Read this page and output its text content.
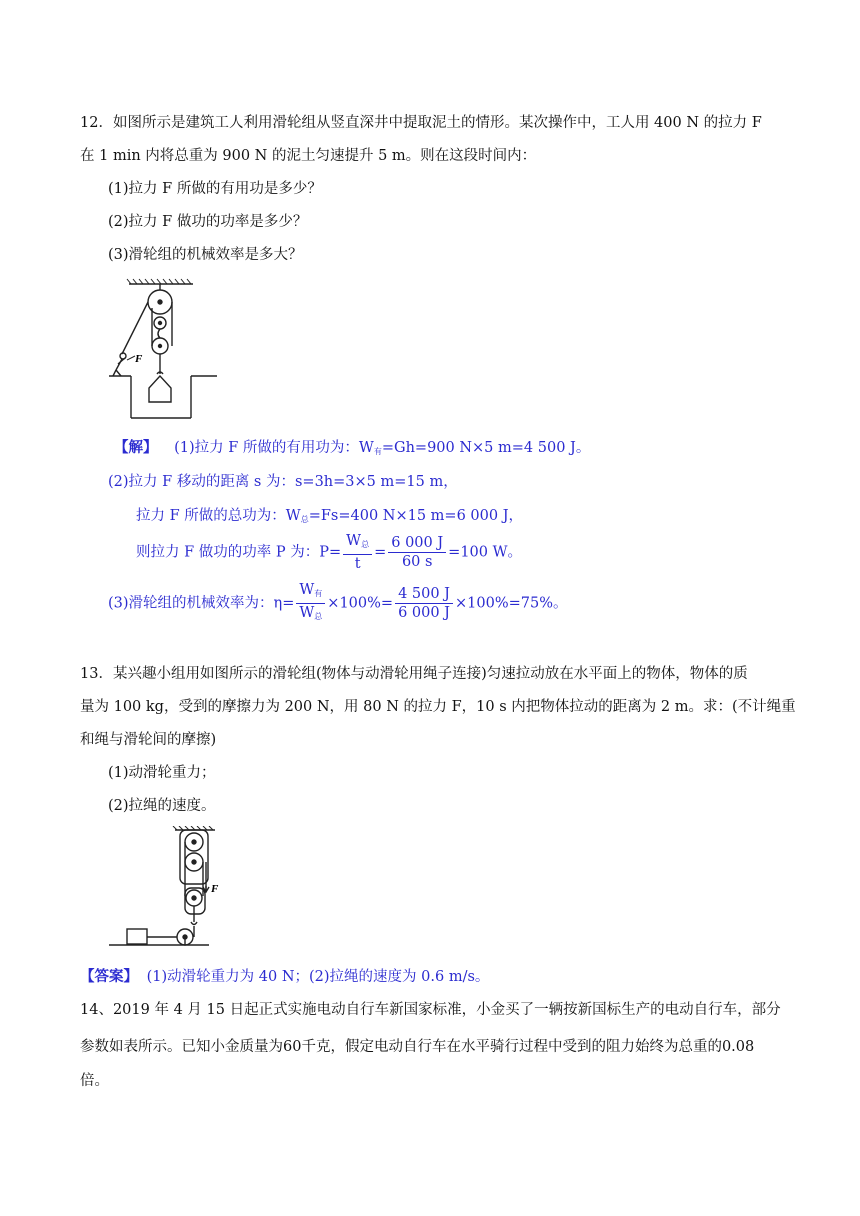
12．如图所示是建筑工人利用滑轮组从竖直深井中提取泥土的情形。某次操作中，工人用 400 N 的拉力 F
在 1 min 内将总重为 900 N 的泥土匀速提升 5 m。则在这段时间内：
(1)拉力 F 所做的有用功是多少？
(2)拉力 F 做功的功率是多少？
(3)滑轮组的机械效率是多大？
F
【解】 (1)拉力 F 所做的有用功为：$W_有=Gh=900$ N×5 m=4 500 J。
(2)拉力 F 移动的距离 s 为：s=3h=3×5 m=15 m，
拉力 F 所做的总功为：$W_总=Fs=400$ N×15 m=6 000 J，
则拉力 F 做功的功率 P 为：$P= \frac{W_总}{t} = \frac{6 000 J}{60 s} =100$ W。
(3)滑轮组的机械效率为：$\eta= \frac{W_有}{W_总} \times 100\%= \frac{4 500 J}{6 000 J} \times 100\%=75\%$。
13．某兴趣小组用如图所示的滑轮组(物体与动滑轮用绳子连接)匀速拉动放在水平面上的物体，物体的质
量为 100 kg，受到的摩擦力为 200 N，用 80 N 的拉力 F，10 s 内把物体拉动的距离为 2 m。求：(不计绳重
和绳与滑轮间的摩擦)
(1)动滑轮重力；
(2)拉绳的速度。
F
【答案】 (1)动滑轮重力为 40 N；(2)拉绳的速度为 0.6 m/s。
14、2019 年 4 月 15 日起正式实施电动自行车新国家标准，小金买了一辆按新国标生产的电动自行车，部分
参数如表所示。已知小金质量为60千克，假定电动自行车在水平骑行过程中受到的阻力始终为总重的0.08
倍。
